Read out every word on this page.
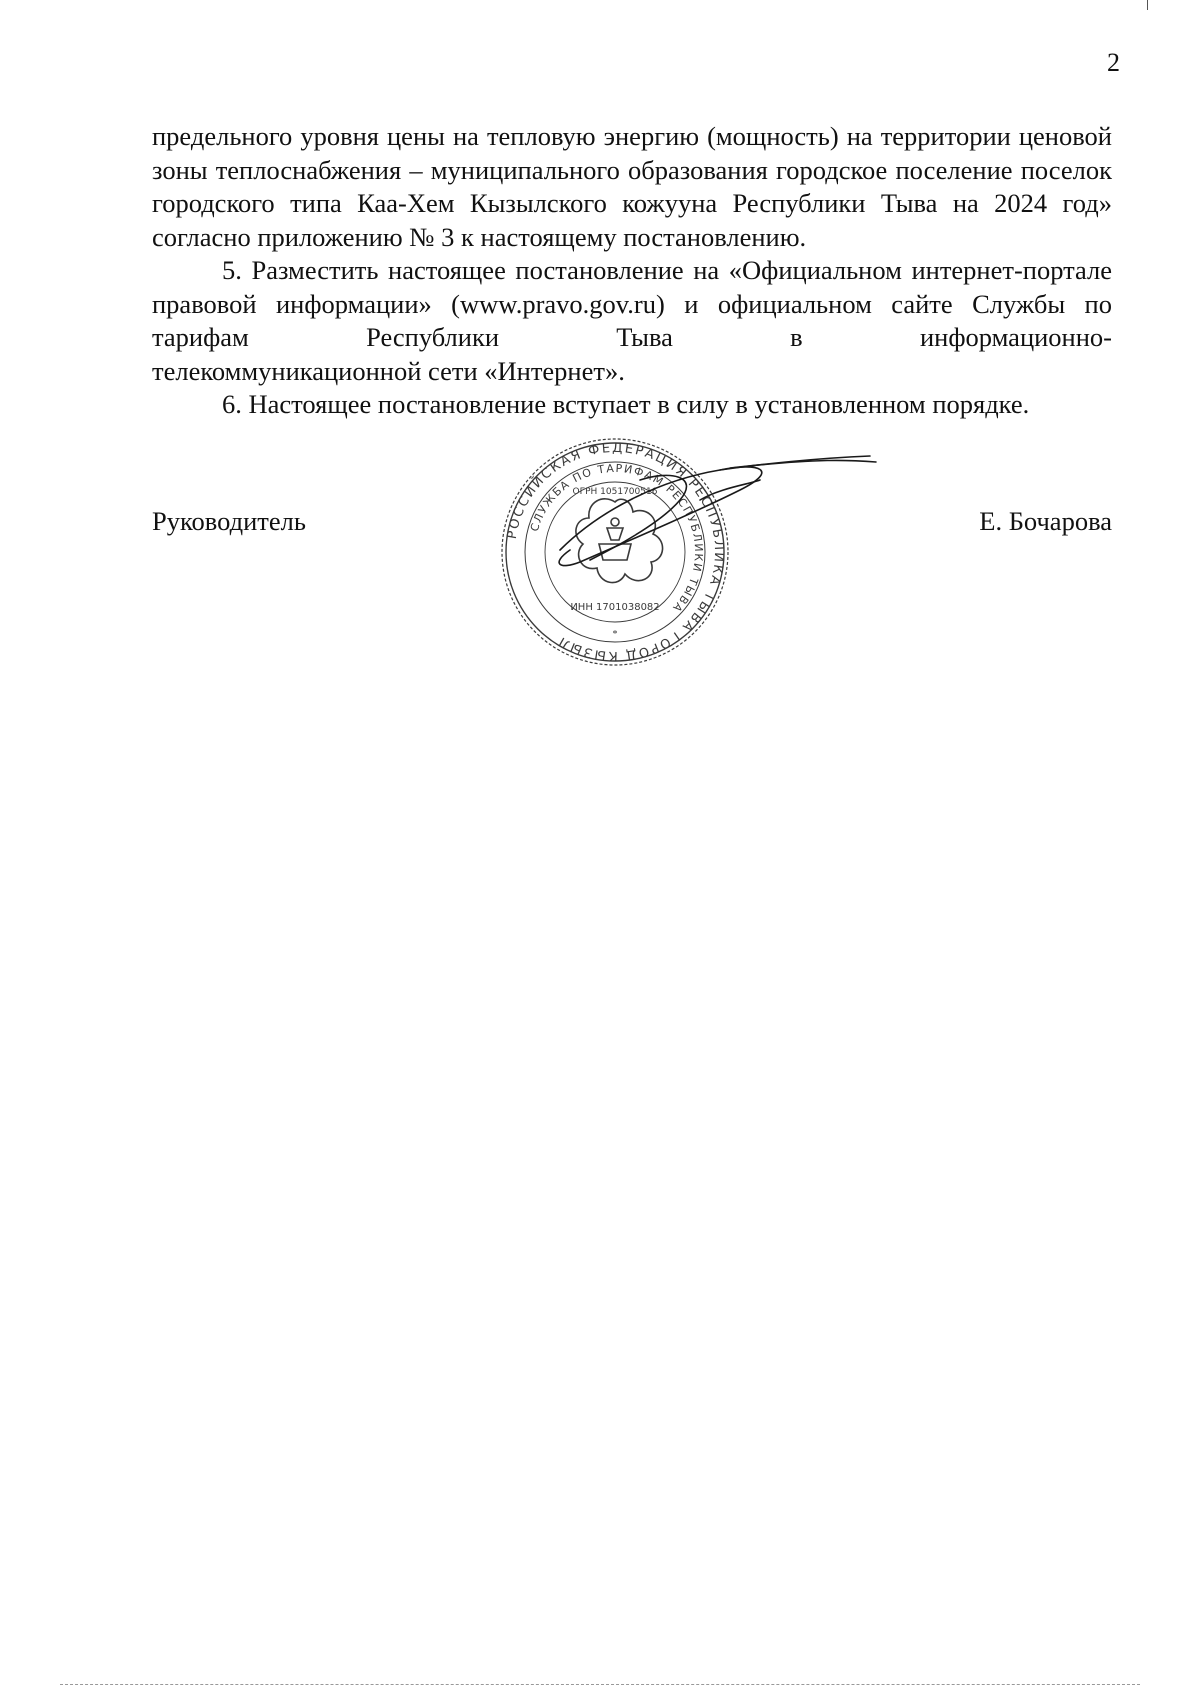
2

предельного уровня цены на тепловую энергию (мощность) на территории ценовой зоны теплоснабжения – муниципального образования городское поселение поселок городского типа Каа-Хем Кызылского кожууна Республики Тыва на 2024 год» согласно приложению № 3 к настоящему постановлению.

5. Разместить настоящее постановление на «Официальном интернет-портале правовой информации» (www.pravo.gov.ru) и официальном сайте Службы по тарифам Республики Тыва в информационно-

телекоммуникационной сети «Интернет».

6. Настоящее постановление вступает в силу в установленном порядке.

Руководитель	Е. Бочарова
РОССИЙСКАЯ ФЕДЕРАЦИЯ РЕСПУБЛИКА ТЫВА ГОРОД КЫЗЫЛ
СЛУЖБА ПО ТАРИФАМ РЕСПУБЛИКИ ТЫВА
ИНН 1701038082
ОГРН 1051700516
*
